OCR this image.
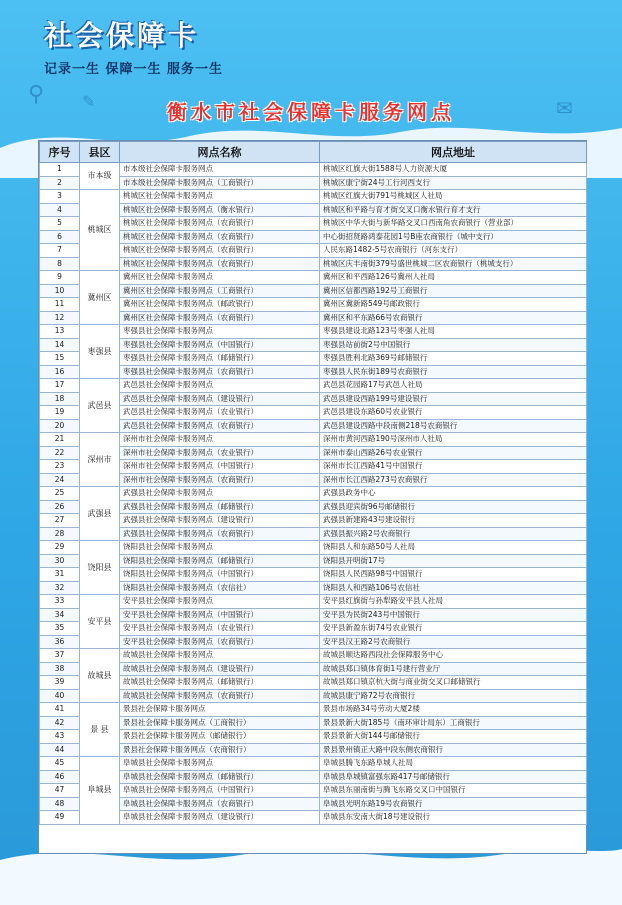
社会保障卡
记录一生 保障一生 服务一生
⚲ ✎	✉
衡水市社会保障卡服务网点
序号	县区	网点名称	网点地址
1	市本级	市本级社会保障卡服务网点	桃城区红旗大街1588号人力资源大厦
2		市本级社会保障卡服务网点（工商银行）	桃城区康宁街24号工行河西支行
3	桃城区	桃城区社会保障卡服务网点	桃城区红旗大街791号桃城区人社局
4		桃城区社会保障卡服务网点（衡水银行）	桃城区和平路与育才街交叉口衡水银行育才支行
5		桃城区社会保障卡服务网点（农商银行）	桃城区中华大街与新华路交叉口西南角农商银行（营业部）
6		桃城区社会保障卡服务网点（农商银行）	中心街招贤路鸿泰花园1号B座农商银行（城中支行）
7		桃城区社会保障卡服务网点（农商银行）	人民东路1482-5号农商银行（河东支行）
8		桃城区社会保障卡服务网点（农商银行）	桃城区庆丰南街379号盛世桃城二区农商银行（桃城支行）
9	冀州区	冀州区社会保障卡服务网点	冀州区和平西路126号冀州人社局
10		冀州区社会保障卡服务网点（工商银行）	冀州区信都西路192号工商银行
11		冀州区社会保障卡服务网点（邮政银行）	冀州区冀新路549号邮政银行
12		冀州区社会保障卡服务网点（农商银行）	冀州区和平东路66号农商银行
13	枣强县	枣强县社会保障卡服务网点	枣强县建设北路123号枣强人社局
14		枣强县社会保障卡服务网点（中国银行）	枣强县站前街2号中国银行
15		枣强县社会保障卡服务网点（邮储银行）	枣强县胜利北路369号邮储银行
16		枣强县社会保障卡服务网点（农商银行）	枣强县人民东街189号农商银行
17	武邑县	武邑县社会保障卡服务网点	武邑县花园路17号武邑人社局
18		武邑县社会保障卡服务网点（建设银行）	武邑县建设西路199号建设银行
19		武邑县社会保障卡服务网点（农业银行）	武邑县建设东路60号农业银行
20		武邑县社会保障卡服务网点（农商银行）	武邑县建设西路中段南侧218号农商银行
21	深州市	深州市社会保障卡服务网点	深州市黄河西路190号深州市人社局
22		深州市社会保障卡服务网点（农业银行）	深州市泰山西路26号农业银行
23		深州市社会保障卡服务网点（中国银行）	深州市长江西路41号中国银行
24		深州市社会保障卡服务网点（农商银行）	深州市长江西路273号农商银行
25	武强县	武强县社会保障卡服务网点	武强县政务中心
26		武强县社会保障卡服务网点（邮储银行）	武强县迎宾街96号邮储银行
27		武强县社会保障卡服务网点（建设银行）	武强县新建路43号建设银行
28		武强县社会保障卡服务网点（农商银行）	武强县振兴路2号农商银行
29	饶阳县	饶阳县社会保障卡服务网点	饶阳县人和东路50号人社局
30		饶阳县社会保障卡服务网点（邮储银行）	饶阳县开明街17号
31		饶阳县社会保障卡服务网点（中国银行）	饶阳县人民西路98号中国银行
32		饶阳县社会保障卡服务网点（农信社）	饶阳县人和西路106号农信社
33	安平县	安平县社会保障卡服务网点	安平县红旗街与孙犁路安平县人社局
34		安平县社会保障卡服务网点（中国银行）	安平县为民街243号中国银行
35		安平县社会保障卡服务网点（农业银行）	安平县新盈东街74号农业银行
36		安平县社会保障卡服务网点（农商银行）	安平县汉王路2号农商银行
37	故城县	故城县社会保障卡服务网点	故城县顺达路西段社会保障服务中心
38		故城县社会保障卡服务网点（建设银行）	故城县郑口镇体育街1号建行营业厅
39		故城县社会保障卡服务网点（邮储银行）	故城县郑口镇京杭大街与商业街交叉口邮储银行
40		故城县社会保障卡服务网点（农商银行）	故城县康宁路72号农商银行
41	景 县	景县社会保障卡服务网点	景县市场路34号劳动大厦2楼
42		景县社会保障卡服务网点（工商银行）	景县景新大街185号（南环审计局东）工商银行
43		景县社会保障卡服务网点（邮储银行）	景县景新大街144号邮储银行
44		景县社会保障卡服务网点（农商银行）	景县景州镇正大路中段东侧农商银行
45	阜城县	阜城县社会保障卡服务网点	阜城县腾飞东路阜城人社局
46		阜城县社会保障卡服务网点（邮储银行）	阜城县阜城镇富强东路417号邮储银行
47		阜城县社会保障卡服务网点（中国银行）	阜城县东丽南街与腾飞东路交叉口中国银行
48		阜城县社会保障卡服务网点（农商银行）	阜城县光明东路19号农商银行
49		阜城县社会保障卡服务网点（建设银行）	阜城县东安南大街18号建设银行
